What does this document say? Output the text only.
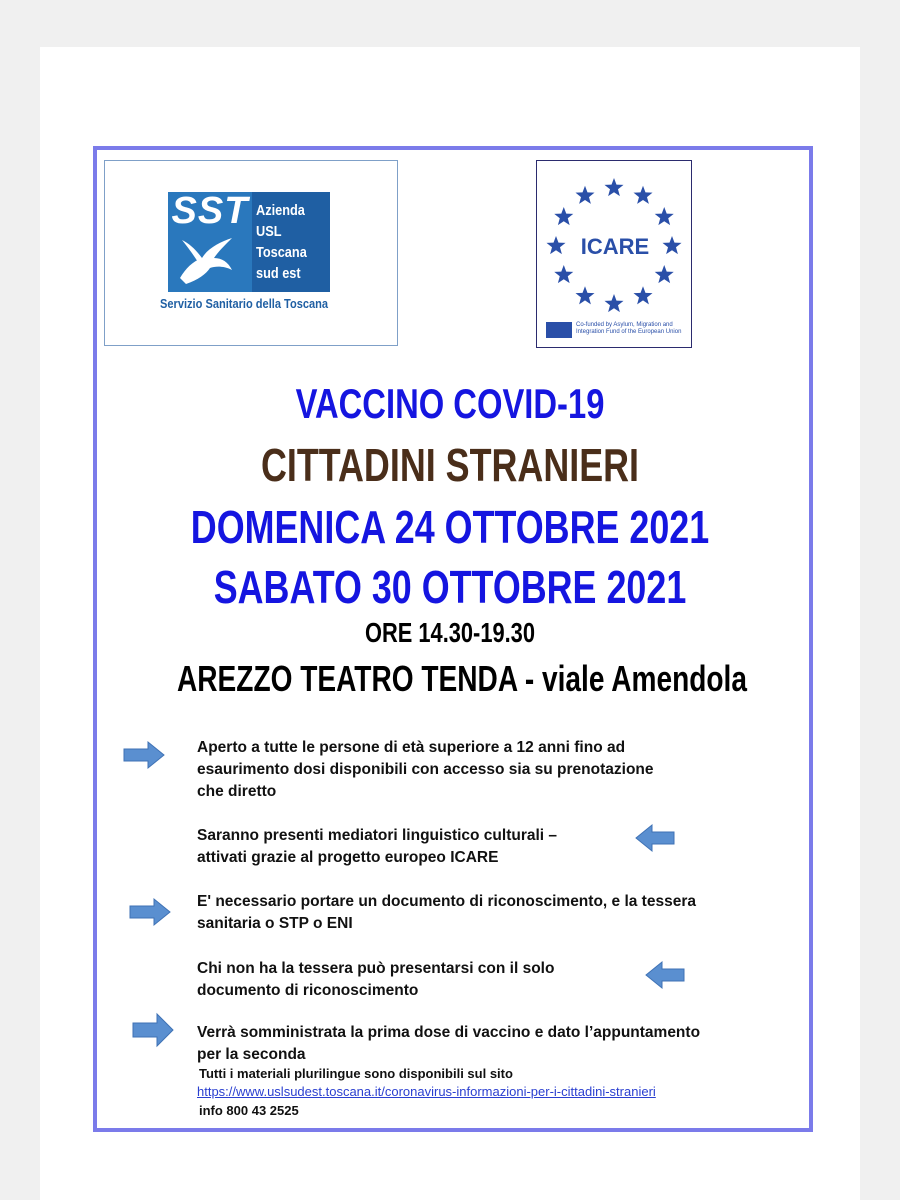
SST Azienda
USL
Toscana
sud est
Servizio Sanitario della Toscana
ICARE
Co-funded by Asylum, Migration and Integration Fund of the European Union
VACCINO COVID-19
CITTADINI STRANIERI
DOMENICA 24 OTTOBRE 2021
SABATO 30 OTTOBRE 2021
ORE 14.30-19.30
AREZZO TEATRO TENDA - viale Amendola
Aperto a tutte le persone di età superiore a 12 anni fino ad
esaurimento dosi disponibili con accesso sia su prenotazione
che diretto
Saranno presenti mediatori linguistico culturali –
attivati grazie al progetto europeo ICARE
E' necessario portare un documento di riconoscimento, e la tessera
sanitaria o STP o ENI
Chi non ha la tessera può presentarsi con il solo
documento di riconoscimento
Verrà somministrata la prima dose di vaccino e dato l’appuntamento
per la seconda
Tutti i materiali plurilingue sono disponibili sul sito
https://www.uslsudest.toscana.it/coronavirus-informazioni-per-i-cittadini-stranieri
info 800 43 2525
